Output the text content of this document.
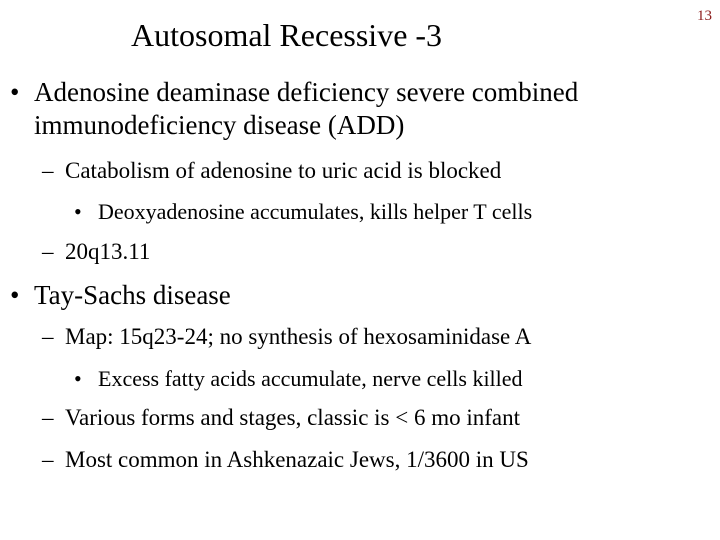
Autosomal Recessive -3
13
• Adenosine deaminase deficiency severe combined immunodeficiency disease (ADD)
– Catabolism of adenosine to uric acid is blocked
• Deoxyadenosine accumulates, kills helper T cells
– 20q13.11
• Tay-Sachs disease
– Map: 15q23-24; no synthesis of hexosaminidase A
• Excess fatty acids accumulate, nerve cells killed
– Various forms and stages, classic is < 6 mo infant
– Most common in Ashkenazaic Jews, 1/3600 in US
